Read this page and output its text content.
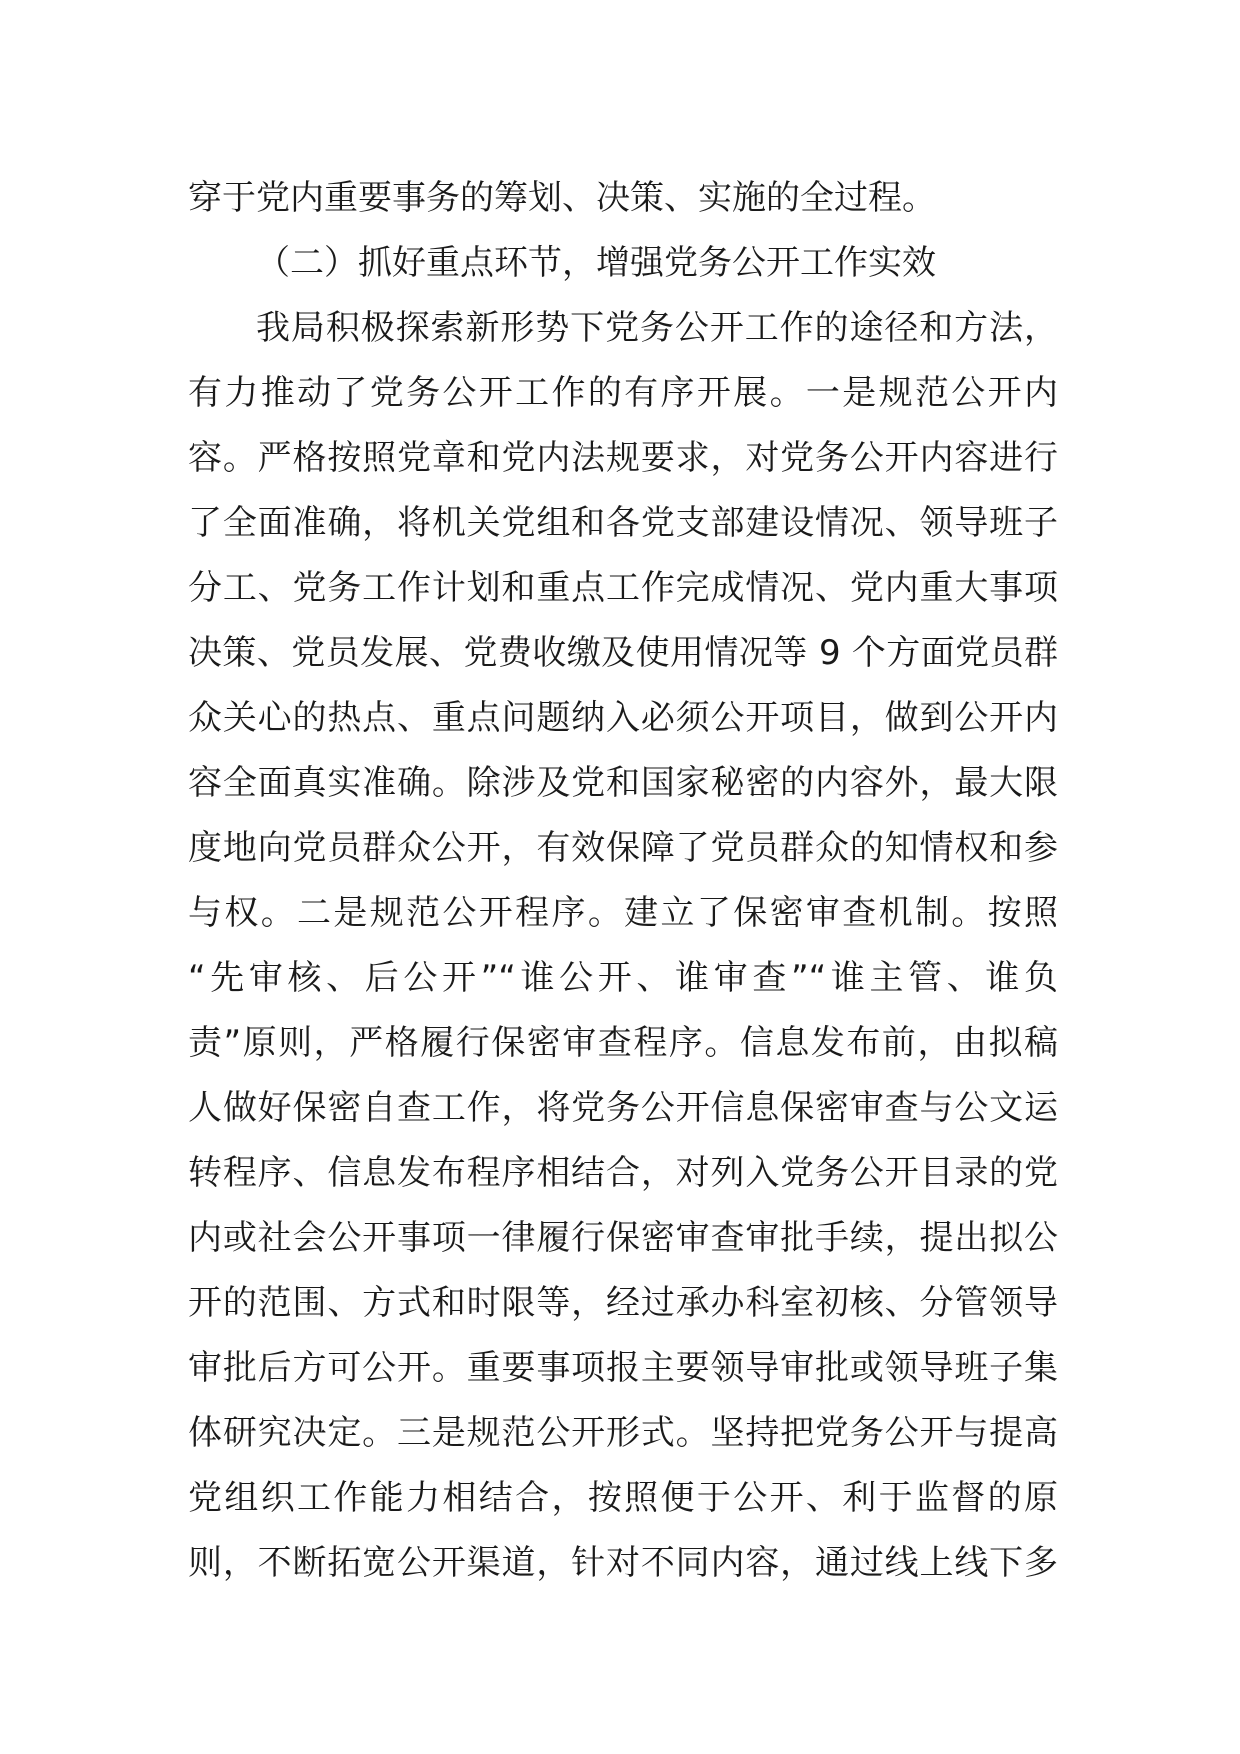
穿于党内重要事务的筹划、决策、实施的全过程。
（二）抓好重点环节，增强党务公开工作实效
我局积极探索新形势下党务公开工作的途径和方法，
有力推动了党务公开工作的有序开展。一是规范公开内
容。严格按照党章和党内法规要求，对党务公开内容进行
了全面准确，将机关党组和各党支部建设情况、领导班子
分工、党务工作计划和重点工作完成情况、党内重大事项
决策、党员发展、党费收缴及使用情况等 9 个方面党员群
众关心的热点、重点问题纳入必须公开项目，做到公开内
容全面真实准确。除涉及党和国家秘密的内容外，最大限
度地向党员群众公开，有效保障了党员群众的知情权和参
与权。二是规范公开程序。建立了保密审查机制。按照
“先审核、后公开”“谁公开、谁审查”“谁主管、谁负
责”原则，严格履行保密审查程序。信息发布前，由拟稿
人做好保密自查工作，将党务公开信息保密审查与公文运
转程序、信息发布程序相结合，对列入党务公开目录的党
内或社会公开事项一律履行保密审查审批手续，提出拟公
开的范围、方式和时限等，经过承办科室初核、分管领导
审批后方可公开。重要事项报主要领导审批或领导班子集
体研究决定。三是规范公开形式。坚持把党务公开与提高
党组织工作能力相结合，按照便于公开、利于监督的原
则，不断拓宽公开渠道，针对不同内容，通过线上线下多
